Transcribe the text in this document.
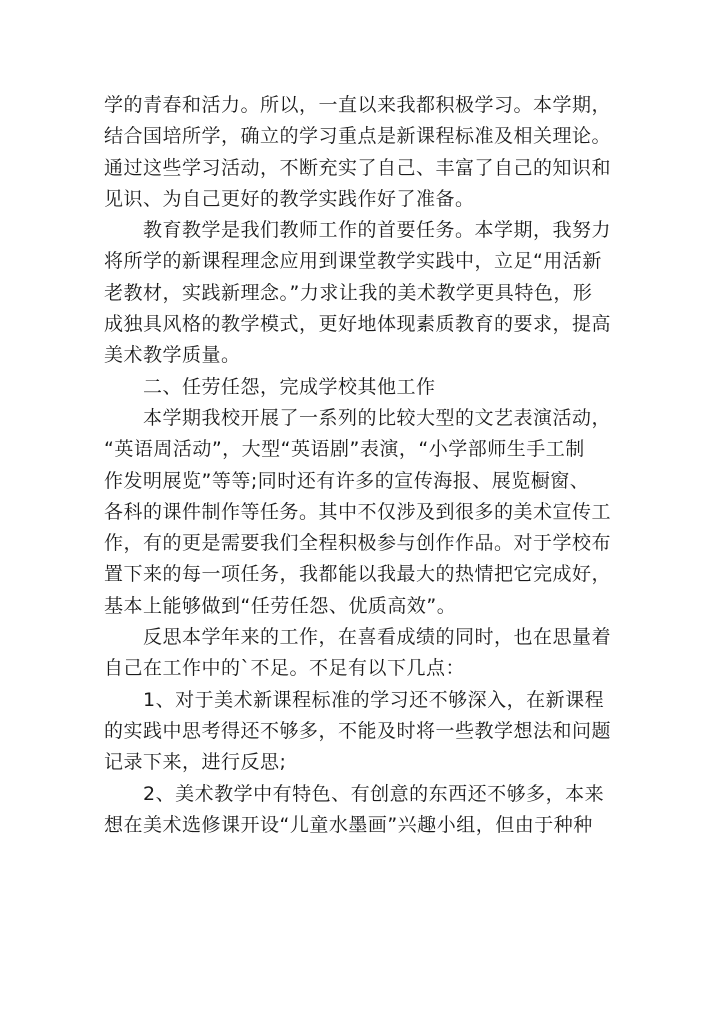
学的青春和活力。所以，一直以来我都积极学习。本学期，
结合国培所学，确立的学习重点是新课程标准及相关理论。
通过这些学习活动，不断充实了自己、丰富了自己的知识和
见识、为自己更好的教学实践作好了准备。

　　教育教学是我们教师工作的首要任务。本学期，我努力
将所学的新课程理念应用到课堂教学实践中，立足“用活新
老教材，实践新理念。”力求让我的美术教学更具特色，形
成独具风格的教学模式，更好地体现素质教育的要求，提高
美术教学质量。

　　二、任劳任怨，完成学校其他工作

　　本学期我校开展了一系列的比较大型的文艺表演活动，
“英语周活动”，大型“英语剧”表演，“小学部师生手工制
作发明展览”等等;同时还有许多的宣传海报、展览橱窗、
各科的课件制作等任务。其中不仅涉及到很多的美术宣传工
作，有的更是需要我们全程积极参与创作作品。对于学校布
置下来的每一项任务，我都能以我最大的热情把它完成好，
基本上能够做到“任劳任怨、优质高效”。

　　反思本学年来的工作，在喜看成绩的同时，也在思量着
自己在工作中的`不足。不足有以下几点：

　　1、对于美术新课程标准的学习还不够深入，在新课程
的实践中思考得还不够多，不能及时将一些教学想法和问题
记录下来，进行反思;

　　2、美术教学中有特色、有创意的东西还不够多，本来
想在美术选修课开设“儿童水墨画”兴趣小组，但由于种种
